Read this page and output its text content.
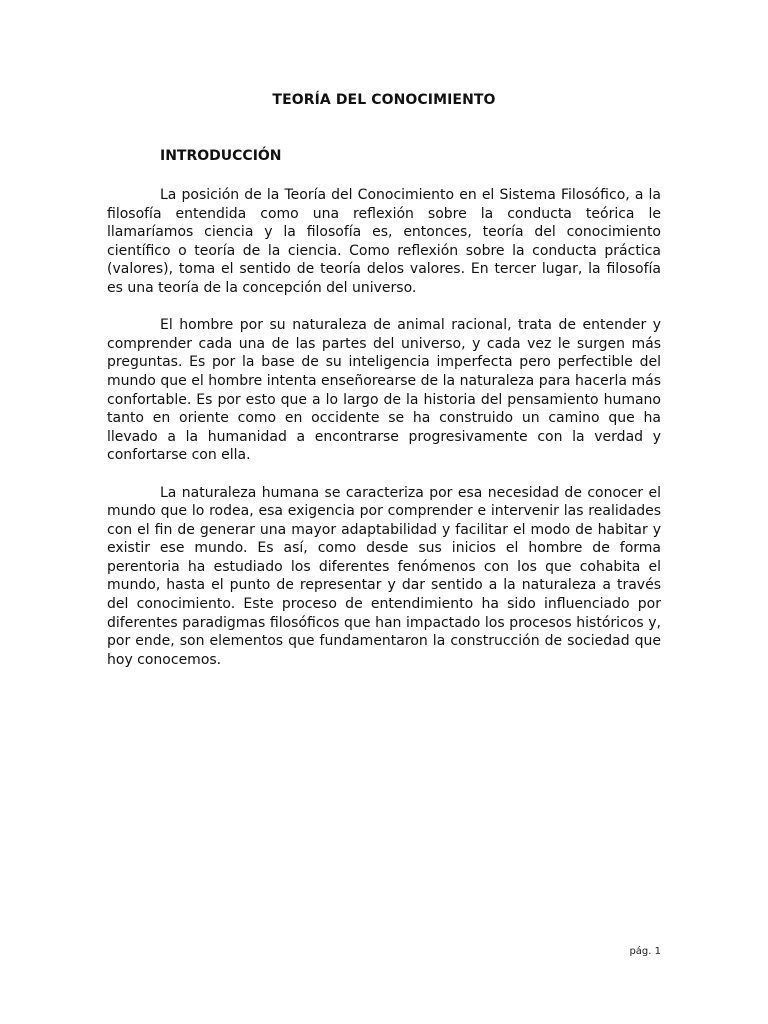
TEORÍA DEL CONOCIMIENTO
INTRODUCCIÓN

La posición de la Teoría del Conocimiento en el Sistema Filosófico, a la filosofía entendida como una reflexión sobre la conducta teórica le llamaríamos ciencia y la filosofía es, entonces, teoría del conocimiento científico o teoría de la ciencia. Como reflexión sobre la conducta práctica (valores), toma el sentido de teoría delos valores. En tercer lugar, la filosofía es una teoría de la concepción del universo.

El hombre por su naturaleza de animal racional, trata de entender y comprender cada una de las partes del universo, y cada vez le surgen más preguntas. Es por la base de su inteligencia imperfecta pero perfectible del mundo que el hombre intenta enseñorearse de la naturaleza para hacerla más confortable. Es por esto que a lo largo de la historia del pensamiento humano tanto en oriente como en occidente se ha construido un camino que ha llevado a la humanidad a encontrarse progresivamente con la verdad y confortarse con ella.

La naturaleza humana se caracteriza por esa necesidad de conocer el mundo que lo rodea, esa exigencia por comprender e intervenir las realidades con el fin de generar una mayor adaptabilidad y facilitar el modo de habitar y existir ese mundo. Es así, como desde sus inicios el hombre de forma perentoria ha estudiado los diferentes fenómenos con los que cohabita el mundo, hasta el punto de representar y dar sentido a la naturaleza a través del conocimiento. Este proceso de entendimiento ha sido influenciado por diferentes paradigmas filosóficos que han impactado los procesos históricos y, por ende, son elementos que fundamentaron la construcción de sociedad que hoy conocemos.

pág. 1
